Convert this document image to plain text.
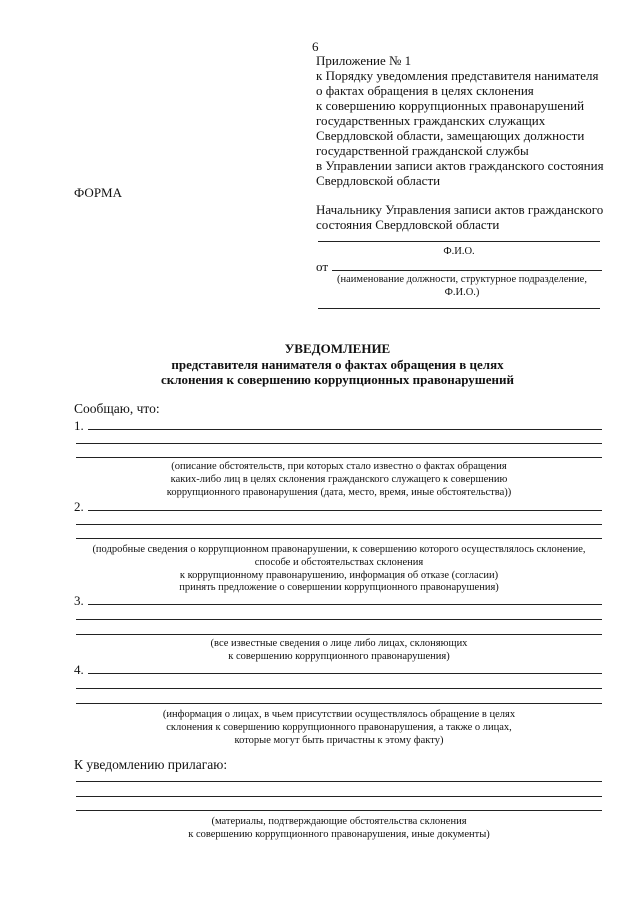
6
Приложение № 1
к Порядку уведомления представителя нанимателя
о фактах обращения в целях склонения
к совершению коррупционных правонарушений
государственных гражданских служащих
Свердловской области, замещающих должности
государственной гражданской службы
в Управлении записи актов гражданского состояния
Свердловской области
ФОРМА
Начальнику Управления записи актов гражданского
состояния Свердловской области
Ф.И.О.
от
(наименование должности, структурное подразделение,
Ф.И.О.)
УВЕДОМЛЕНИЕ
представителя нанимателя о фактах обращения в целях
склонения к совершению коррупционных правонарушений
Сообщаю, что:
1.
(описание обстоятельств, при которых стало известно о фактах обращения
каких-либо лиц в целях склонения гражданского служащего к совершению
коррупционного правонарушения (дата, место, время, иные обстоятельства))
2.
(подробные сведения о коррупционном правонарушении, к совершению которого осуществлялось склонение,
способе и обстоятельствах склонения
к коррупционному правонарушению, информация об отказе (согласии)
принять предложение о совершении коррупционного правонарушения)
3.
(все известные сведения о лице либо лицах, склоняющих
к совершению коррупционного правонарушения)
4.
(информация о лицах, в чьем присутствии осуществлялось обращение в целях
склонения к совершению коррупционного правонарушения, а также о лицах,
которые могут быть причастны к этому факту)
К уведомлению прилагаю:
(материалы, подтверждающие обстоятельства склонения
к совершению коррупционного правонарушения, иные документы)
